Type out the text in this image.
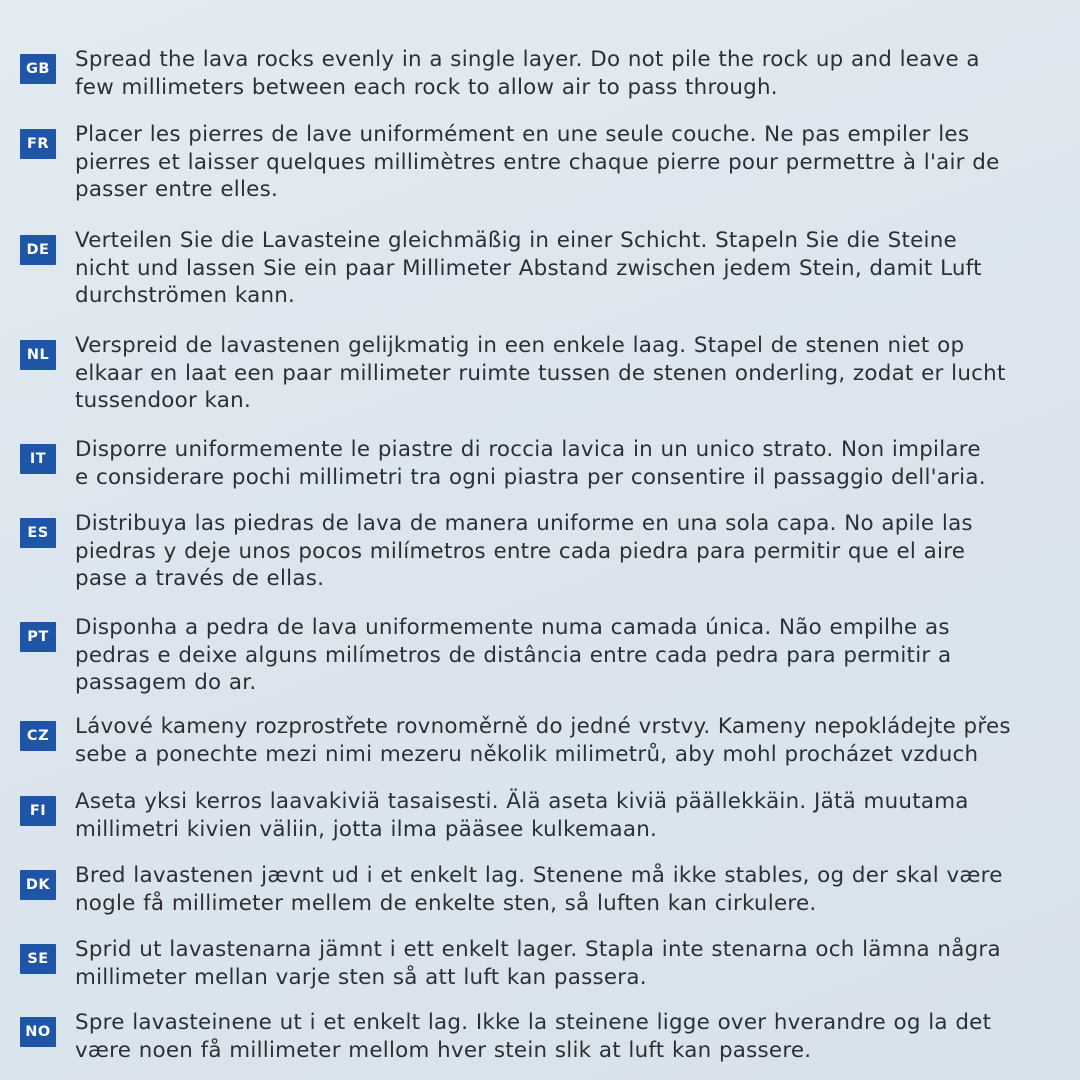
GB Spread the lava rocks evenly in a single layer. Do not pile the rock up and leave a
few millimeters between each rock to allow air to pass through.
FR	Placer les pierres de lave uniformément en une seule couche. Ne pas empiler les
pierres et laisser quelques millimètres entre chaque pierre pour permettre à l'air de
passer entre elles.
DE	Verteilen Sie die Lavasteine gleichmäßig in einer Schicht. Stapeln Sie die Steine
nicht und lassen Sie ein paar Millimeter Abstand zwischen jedem Stein, damit Luft
durchströmen kann.
NL	Verspreid de lavastenen gelijkmatig in een enkele laag. Stapel de stenen niet op
elkaar en laat een paar millimeter ruimte tussen de stenen onderling, zodat er lucht
tussendoor kan.
IT	Disporre uniformemente le piastre di roccia lavica in un unico strato. Non impilare
e considerare pochi millimetri tra ogni piastra per consentire il passaggio dell'aria.
ES	Distribuya las piedras de lava de manera uniforme en una sola capa. No apile las
piedras y deje unos pocos milímetros entre cada piedra para permitir que el aire
pase a través de ellas.
PT	Disponha a pedra de lava uniformemente numa camada única. Não empilhe as
pedras e deixe alguns milímetros de distância entre cada pedra para permitir a
passagem do ar.
CZ	Lávové kameny rozprostřete rovnoměrně do jedné vrstvy. Kameny nepokládejte přes
sebe a ponechte mezi nimi mezeru několik milimetrů, aby mohl procházet vzduch
FI	Aseta yksi kerros laavakiviä tasaisesti. Älä aseta kiviä päällekkäin. Jätä muutama
millimetri kivien väliin, jotta ilma pääsee kulkemaan.
DK Bred lavastenen jævnt ud i et enkelt lag. Stenene må ikke stables, og der skal være
nogle få millimeter mellem de enkelte sten, så luften kan cirkulere.
SE	Sprid ut lavastenarna jämnt i ett enkelt lager. Stapla inte stenarna och lämna några
millimeter mellan varje sten så att luft kan passera.
NO Spre lavasteinene ut i et enkelt lag. Ikke la steinene ligge over hverandre og la det
være noen få millimeter mellom hver stein slik at luft kan passere.
